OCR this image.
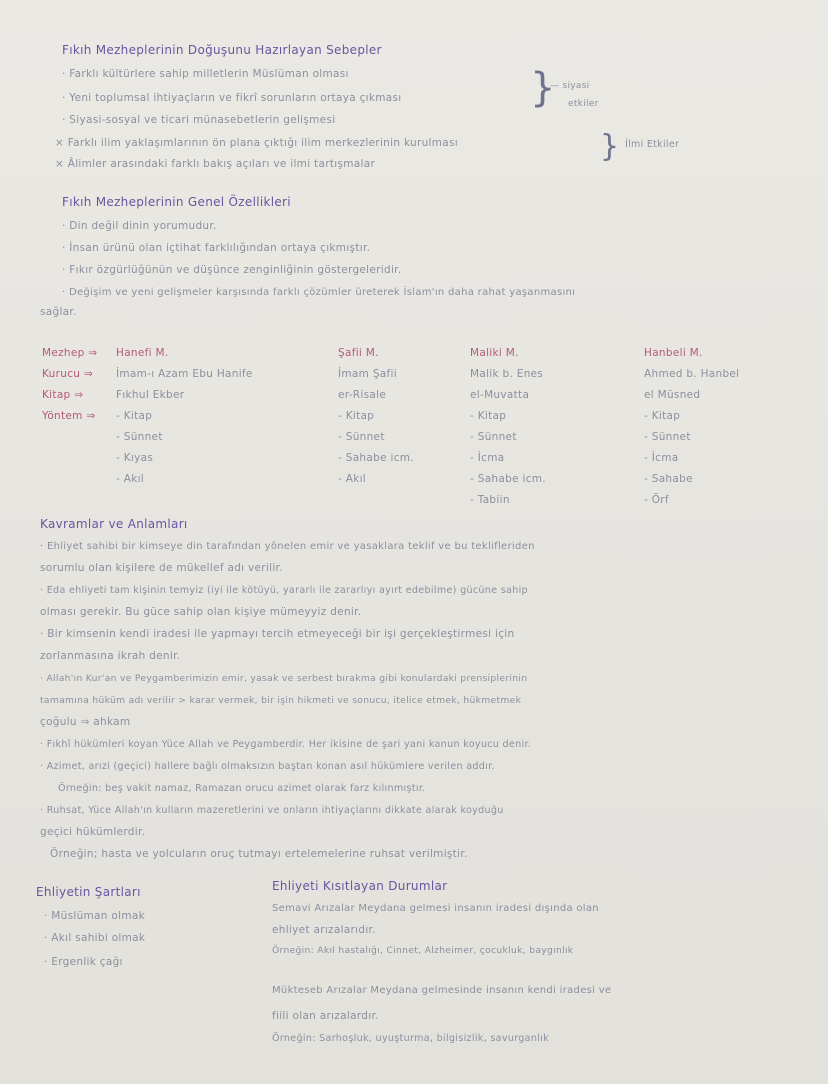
Fıkıh Mezheplerinin Doğuşunu Hazırlayan Sebepler
· Farklı kültürlere sahip milletlerin Müslüman olması
· Yeni toplumsal ihtiyaçların ve fikrî sorunların ortaya çıkması
· Siyasi-sosyal ve ticari münasebetlerin gelişmesi
× Farklı ilim yaklaşımlarının ön plana çıktığı ilim merkezlerinin kurulması
× Âlimler arasındaki farklı bakış açıları ve ilmi tartışmalar
}
— siyasi
etkiler
} İlmi Etkiler
Fıkıh Mezheplerinin Genel Özellikleri
· Din değil dinin yorumudur.
· İnsan ürünü olan içtihat farklılığından ortaya çıkmıştır.
· Fıkır özgürlüğünün ve düşünce zenginliğinin göstergeleridir.
· Değişim ve yeni gelişmeler karşısında farklı çözümler üreterek İslam'ın daha rahat yaşanmasını
sağlar.
Mezhep ⇒
Kurucu ⇒
Kitap ⇒
Yöntem ⇒
Hanefi M.
İmam-ı Azam Ebu Hanife
Fıkhul Ekber
- Kitap
- Sünnet
- Kıyas
- Akıl
Şafii M.
İmam Şafii
er-Risale
- Kitap
- Sünnet
- Sahabe icm.
- Akıl
Maliki M.
Malik b. Enes
el-Muvatta
- Kitap
- Sünnet
- İcma
- Sahabe icm.
- Tabiin
Hanbeli M.
Ahmed b. Hanbel
el Müsned
- Kitap
- Sünnet
- İcma
- Sahabe
- Örf
Kavramlar ve Anlamları
· Ehliyet sahibi bir kimseye din tarafından yönelen emir ve yasaklara teklif ve bu teklifleriden
sorumlu olan kişilere de mükellef adı verilir.
· Eda ehliyeti tam kişinin temyiz (iyi ile kötüyü, yararlı ile zararlıyı ayırt edebilme) gücüne sahip
olması gerekir. Bu güce sahip olan kişiye mümeyyiz denir.
· Bir kimsenin kendi iradesi ile yapmayı tercih etmeyeceği bir işi gerçekleştirmesi için
zorlanmasına ikrah denir.
· Allah'ın Kur'an ve Peygamberimizin emir, yasak ve serbest bırakma gibi konulardaki prensiplerinin
tamamına hüküm adı verilir > karar vermek, bir işin hikmeti ve sonucu, itelice etmek, hükmetmek
çoğulu ⇒ ahkam
· Fıkhî hükümleri koyan Yüce Allah ve Peygamberdir. Her ikisine de şari yani kanun koyucu denir.
· Azimet, arızi (geçici) hallere bağlı olmaksızın baştan konan asıl hükümlere verilen addır.
Örneğin: beş vakit namaz, Ramazan orucu azimet olarak farz kılınmıştır.
· Ruhsat, Yüce Allah'ın kulların mazeretlerini ve onların ihtiyaçlarını dikkate alarak koyduğu
geçici hükümlerdir.
Örneğin; hasta ve yolcuların oruç tutmayı ertelemelerine ruhsat verilmiştir.
Ehliyetin Şartları
· Müslüman olmak
· Akıl sahibi olmak
· Ergenlik çağı
Ehliyeti Kısıtlayan Durumlar
Semavi Arızalar Meydana gelmesi insanın iradesi dışında olan
ehliyet arızalarıdır.
Örneğin: Akıl hastalığı, Cinnet, Alzheimer, çocukluk, baygınlık
Mükteseb Arızalar Meydana gelmesinde insanın kendi iradesi ve
fiili olan arızalardır.
Örneğin: Sarhoşluk, uyuşturma, bilgisizlik, savurganlık
